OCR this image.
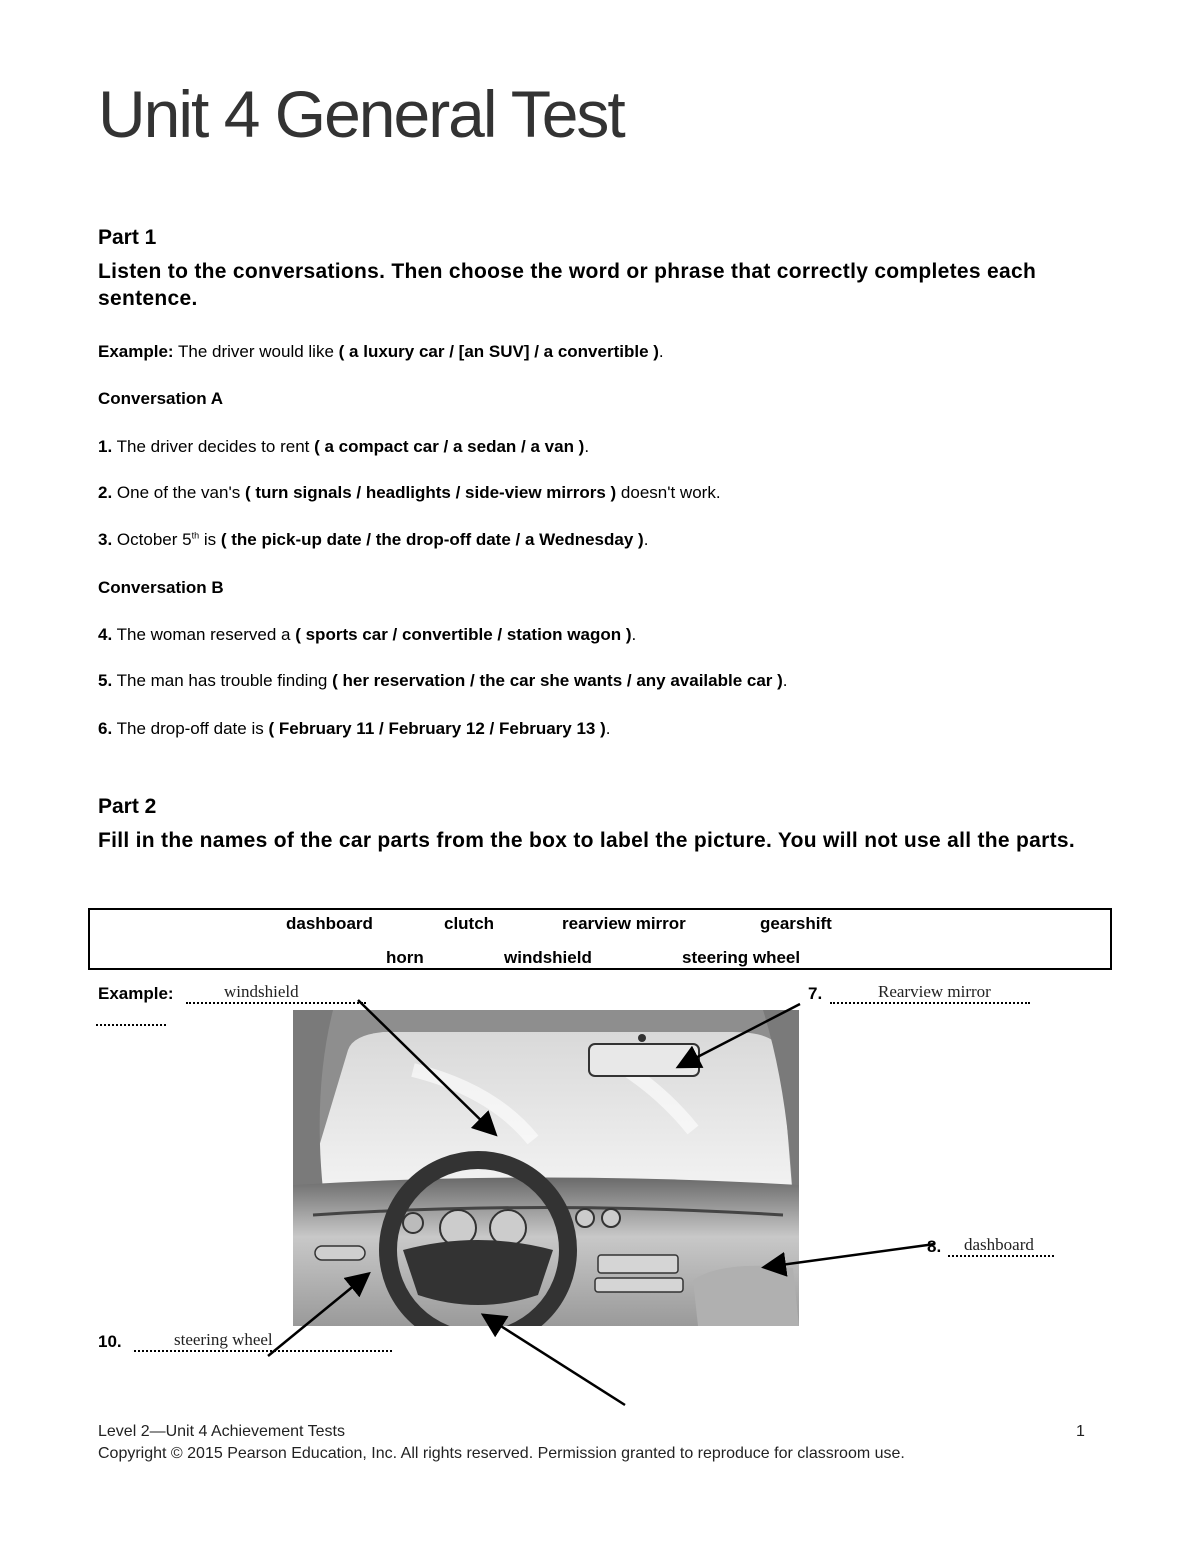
Unit 4 General Test
Part 1
Listen to the conversations. Then choose the word or phrase that correctly completes each sentence.
Example: The driver would like ( a luxury car / [an SUV] / a convertible ).
Conversation A
1. The driver decides to rent ( a compact car / a sedan / a van ).
2. One of the van's ( turn signals / headlights / side-view mirrors ) doesn't work.
3. October 5th is ( the pick-up date / the drop-off date / a Wednesday ).
Conversation B
4. The woman reserved a ( sports car / convertible / station wagon ).
5. The man has trouble finding ( her reservation / the car she wants / any available car ).
6. The drop-off date is ( February 11 / February 12 / February 13 ).
Part 2
Fill in the names of the car parts from the box to label the picture. You will not use all the parts.
dashboard	clutch	rearview mirror	gearshift
horn	windshield	steering wheel
Example:	windshield	7.	Rearview mirror
8.	dashboard
10.	steering wheel
Level 2—Unit 4 Achievement Tests	1
Copyright © 2015 Pearson Education, Inc. All rights reserved. Permission granted to reproduce for classroom use.
